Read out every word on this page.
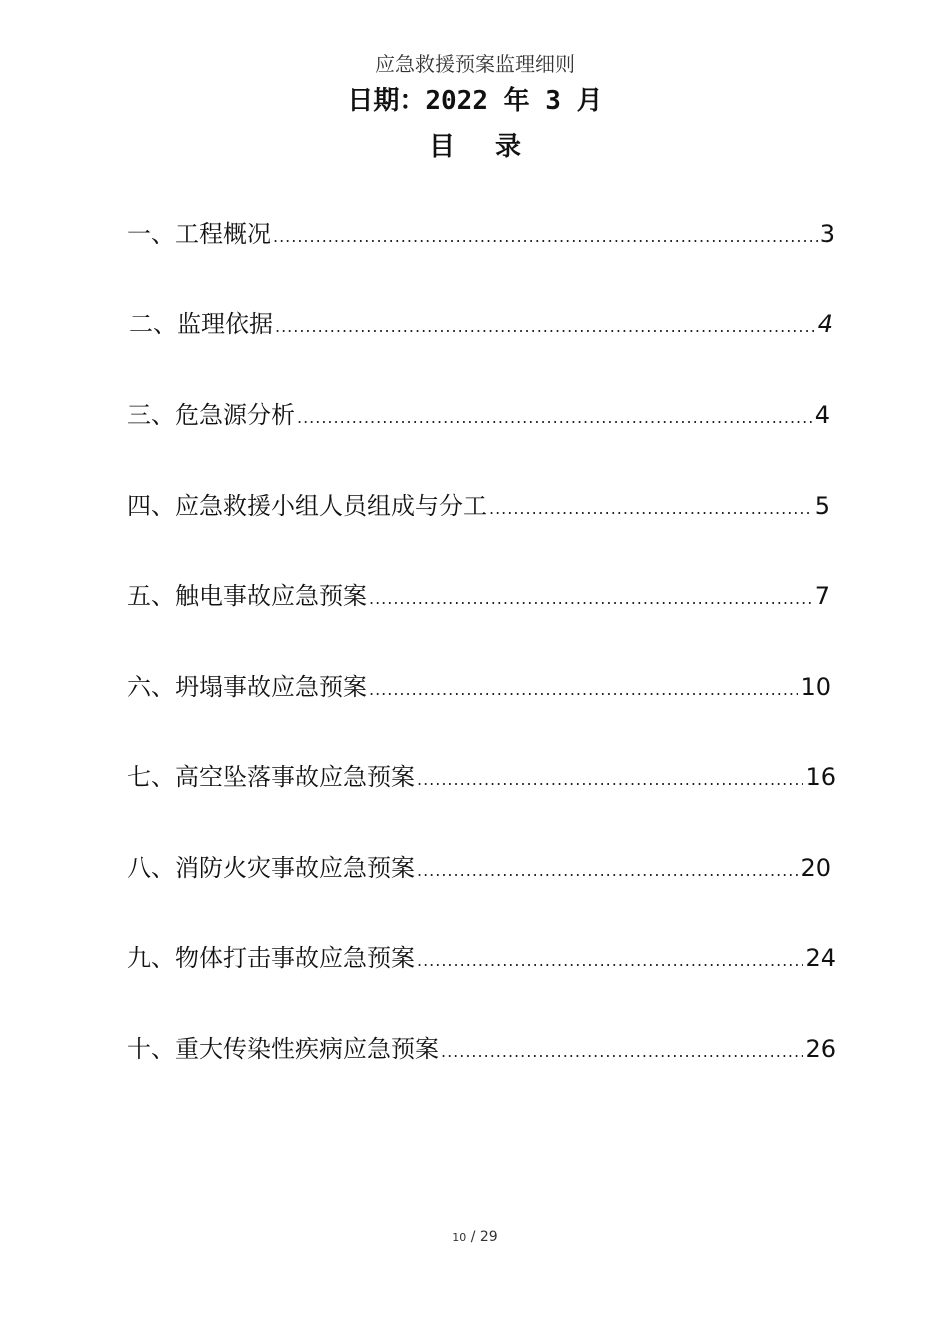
应急救援预案监理细则
日期：2022 年 3 月
目录
一、工程概况 .....	3
二、监理依据 .....	4
三、危急源分析 .....	4
四、应急救援小组人员组成与分工 .....	5
五、触电事故应急预案 .....	7
六、坍塌事故应急预案 .....	10
七、高空坠落事故应急预案 .....	16
八、消防火灾事故应急预案 .....	20
九、物体打击事故应急预案 .....	24
十、重大传染性疾病应急预案 .....	26
10 / 29
